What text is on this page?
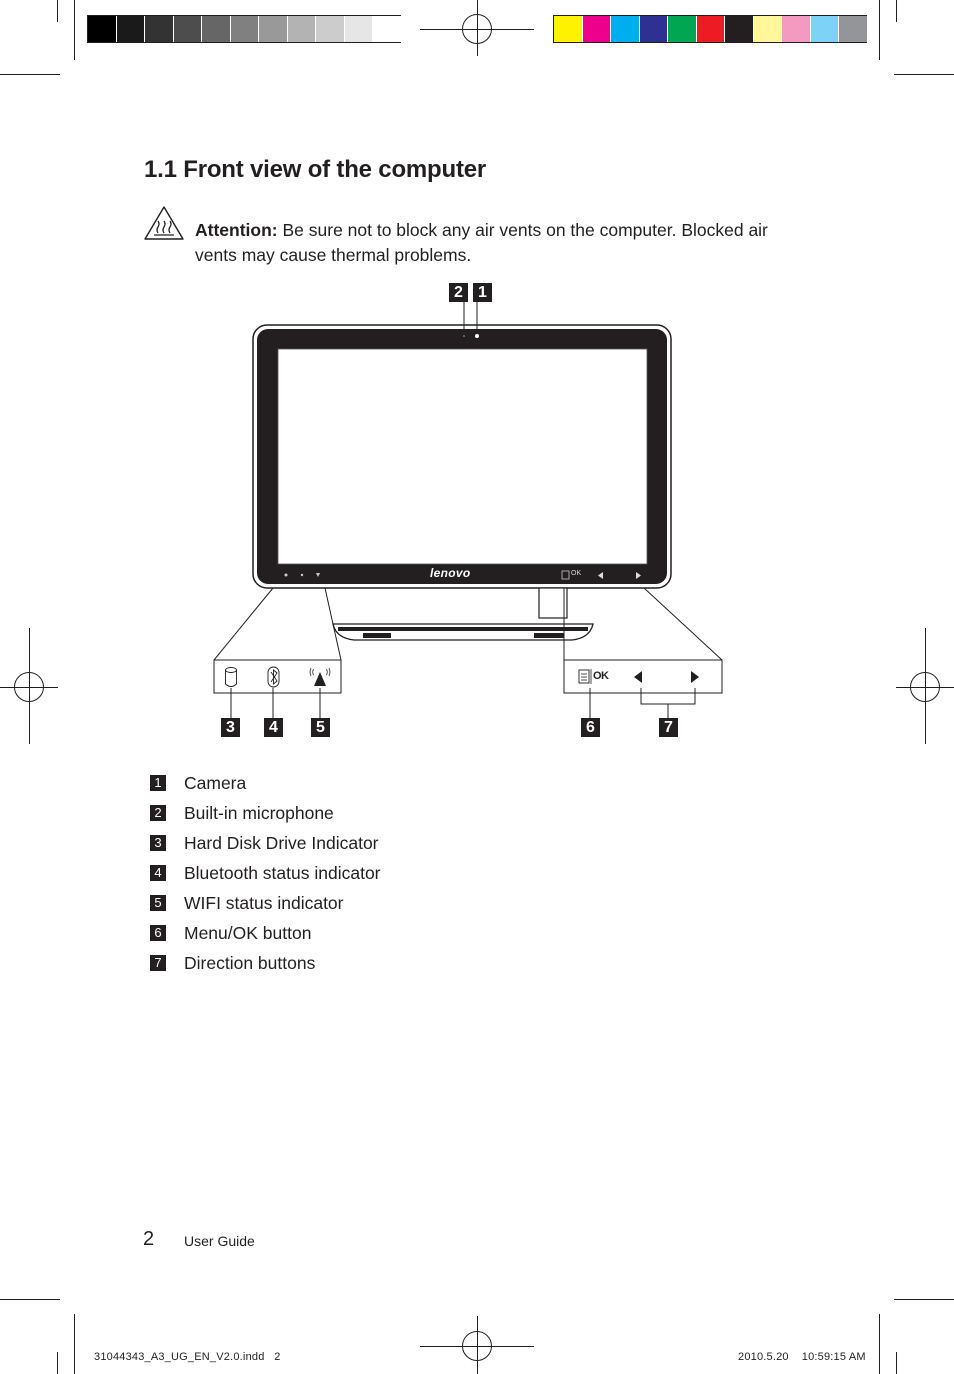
1.1 Front view of the computer
Attention: Be sure not to block any air vents on the computer. Blocked air vents may cause thermal problems.
lenovo	OK
OK
2 1
3	4	5	6	7
1 Camera
2 Built-in microphone
3 Hard Disk Drive Indicator
4 Bluetooth status indicator
5 WIFI status indicator
6 Menu/OK button
7 Direction buttons
2 User Guide
31044343_A3_UG_EN_V2.0.indd   2	2010.5.20    10:59:15 AM
